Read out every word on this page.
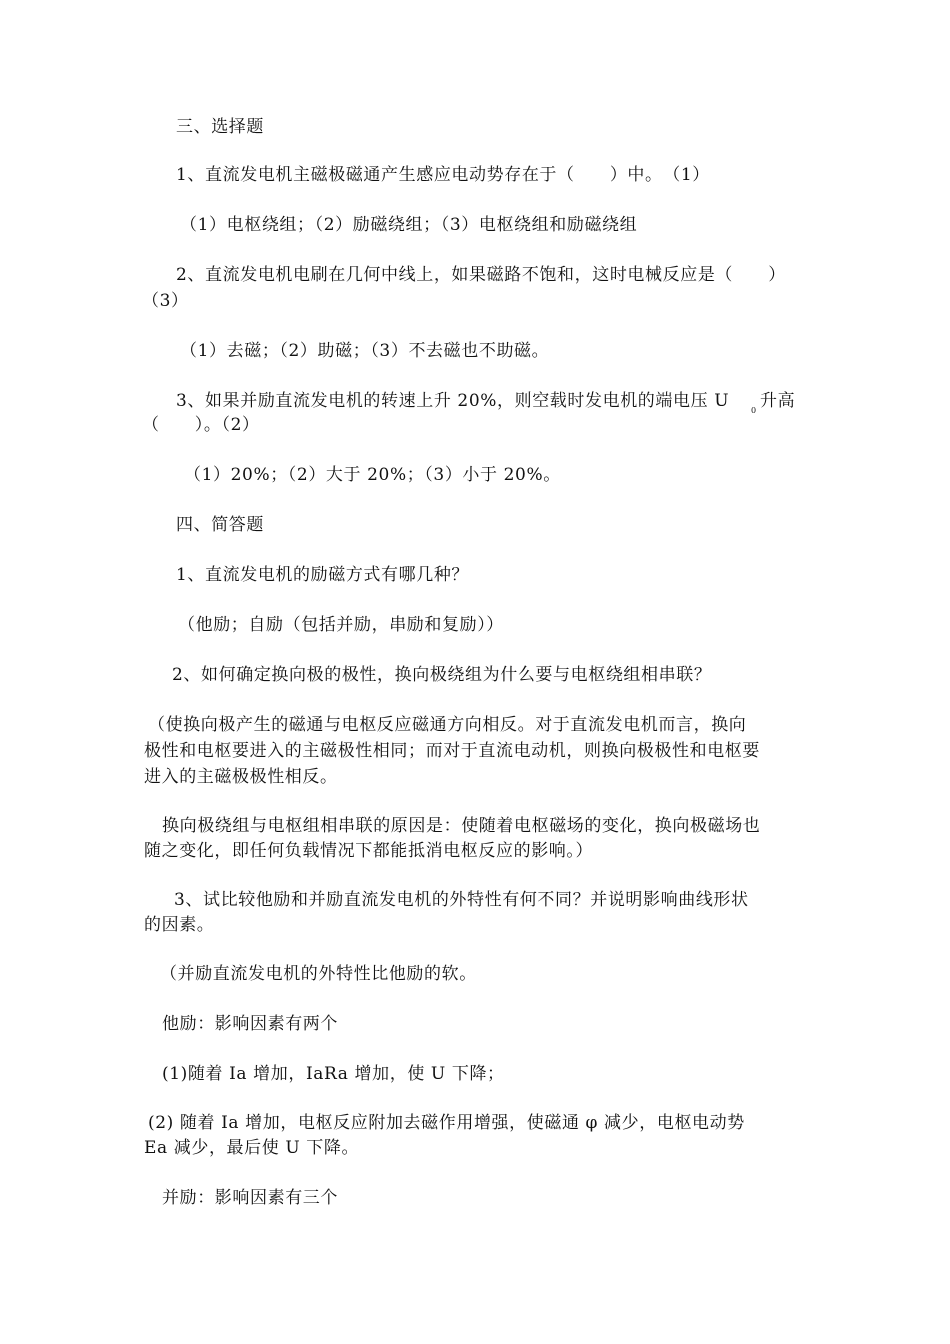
三、选择题
1、直流发电机主磁极磁通产生感应电动势存在于（　　）中。　（1）
（1）电枢绕组；（2）励磁绕组；（3）电枢绕组和励磁绕组
2、直流发电机电刷在几何中线上，如果磁路不饱和，这时电械反应是（　　）
（3）
（1）去磁；（2）助磁；（3）不去磁也不助磁。
3、如果并励直流发电机的转速上升 20%，则空载时发电机的端电压 U	0 升高
（　　）。（2）
（1）20%；（2）大于 20%；（3）小于 20%。
四、简答题
1、直流发电机的励磁方式有哪几种？
（他励；自励（包括并励，串励和复励））
2、如何确定换向极的极性，换向极绕组为什么要与电枢绕组相串联？
（使换向极产生的磁通与电枢反应磁通方向相反。对于直流发电机而言，换向
极性和电枢要进入的主磁极性相同；而对于直流电动机，则换向极极性和电枢要
进入的主磁极极性相反。
换向极绕组与电枢组相串联的原因是：使随着电枢磁场的变化，换向极磁场也
随之变化，即任何负载情况下都能抵消电枢反应的影响。）
3、试比较他励和并励直流发电机的外特性有何不同？并说明影响曲线形状
的因素。
（并励直流发电机的外特性比他励的软。
他励：影响因素有两个
(1)随着 Ia 增加，IaRa 增加，使 U 下降；
(2) 随着 Ia 增加，电枢反应附加去磁作用增强，使磁通 φ 减少，电枢电动势
Ea 减少，最后使 U 下降。
并励：影响因素有三个
